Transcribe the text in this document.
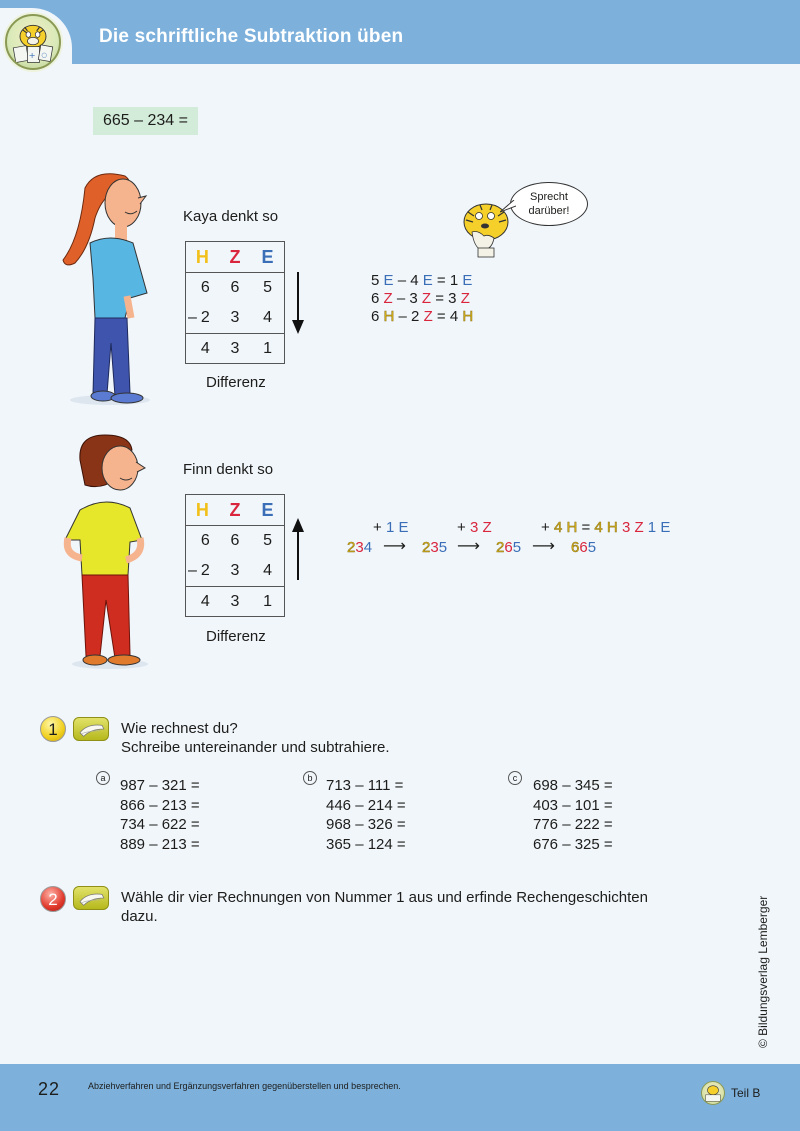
+ ○
Die schriftliche Subtraktion üben
665 – 234 =
Kaya denkt so
H	Z	E
6	6	5
– 2	3	4
4	3	1
Differenz
Sprecht
darüber!
5 E – 4 E = 1 E
6 Z – 3 Z = 3 Z
6 H – 2 Z = 4 H
Finn denkt so
H	Z	E
6	6	5
– 2	3	4
4	3	1
Differenz
+ 1 E	+ 3 Z	+ 4 H = 4 H 3 Z 1 E
234 ⟶ 235 ⟶ 265 ⟶ 665
1	Wie rechnest du?
Schreibe untereinander und subtrahiere.
a 987 – 321 =
866 – 213 =
734 – 622 =
889 – 213 =
b 713 – 111 =
446 – 214 =
968 – 326 =
365 – 124 =
c	698 – 345 =
403 – 101 =
776 – 222 =
676 – 325 =
2	Wähle dir vier Rechnungen von Nummer 1 aus und erfinde Rechengeschichten
dazu.	© Bildungsverlag Lemberger
22	Abziehverfahren und Ergänzungsverfahren gegenüberstellen und besprechen.	Teil B
